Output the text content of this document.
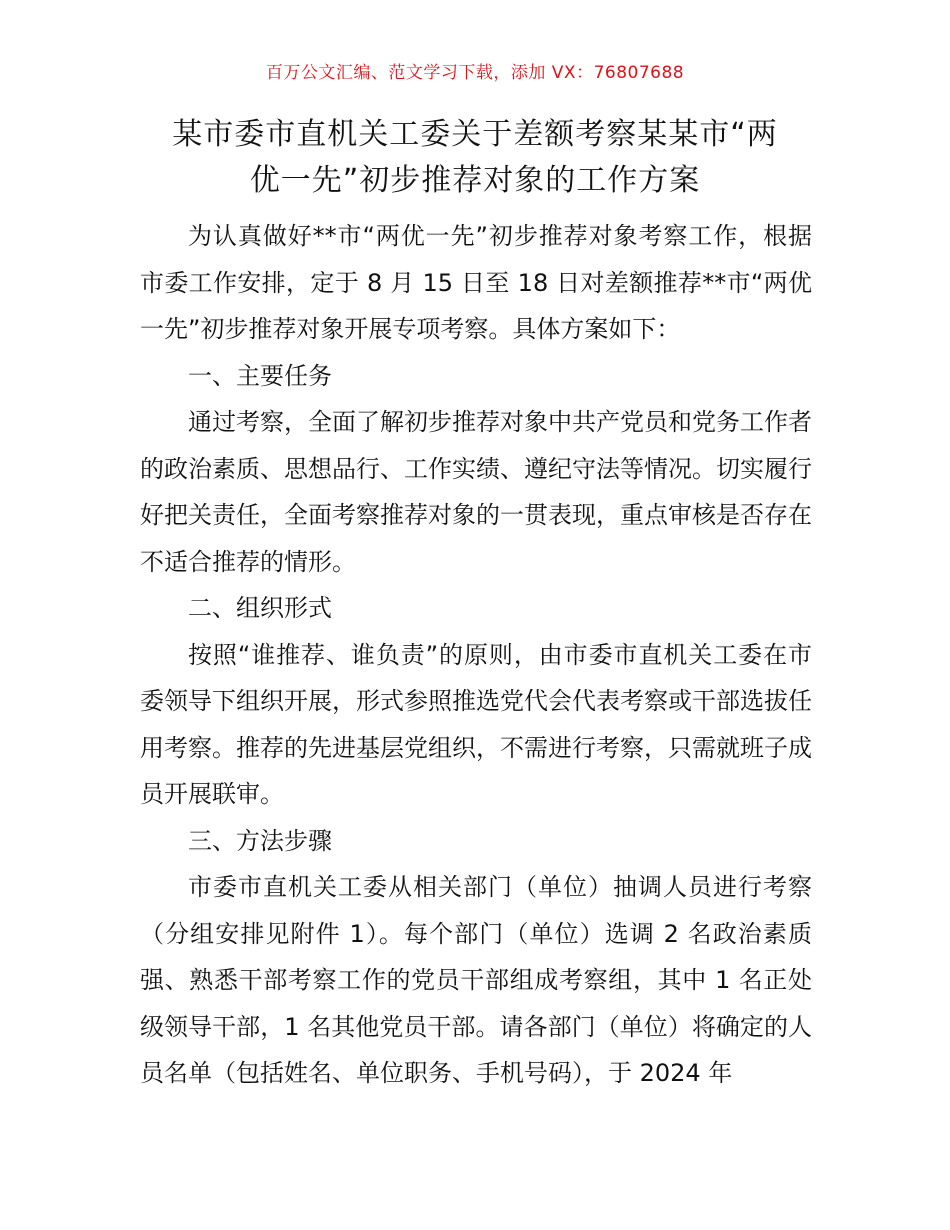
百万公文汇编、范文学习下载，添加 VX：76807688
某市委市直机关工委关于差额考察某某市“两
优一先”初步推荐对象的工作方案

为认真做好**市“两优一先”初步推荐对象考察工作，根据市委工作安排，定于 8 月 15 日至 18 日对差额推荐**市“两优一先”初步推荐对象开展专项考察。具体方案如下：

一、主要任务

通过考察，全面了解初步推荐对象中共产党员和党务工作者的政治素质、思想品行、工作实绩、遵纪守法等情况。切实履行好把关责任，全面考察推荐对象的一贯表现，重点审核是否存在不适合推荐的情形。

二、组织形式

按照“谁推荐、谁负责”的原则，由市委市直机关工委在市委领导下组织开展，形式参照推选党代会代表考察或干部选拔任用考察。推荐的先进基层党组织，不需进行考察，只需就班子成员开展联审。

三、方法步骤

市委市直机关工委从相关部门（单位）抽调人员进行考察（分组安排见附件 1）。每个部门（单位）选调 2 名政治素质强、熟悉干部考察工作的党员干部组成考察组，其中 1 名正处级领导干部，1 名其他党员干部。请各部门（单位）将确定的人员名单（包括姓名、单位职务、手机号码），于 2024 年
